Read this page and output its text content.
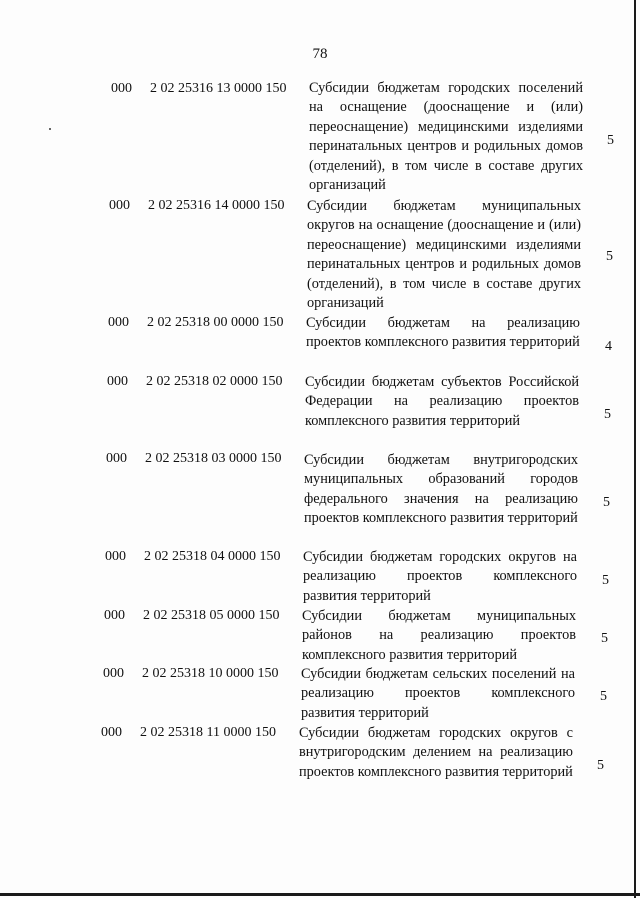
78
000 2 02 25316 13 0000 150 Субсидии бюджетам городских поселений на оснащение (дооснащение и (или) переоснащение) медицинскими изделиями перинатальных центров и родильных домов (отделений), в том числе в составе других организаций
5
000 2 02 25316 14 0000 150 Субсидии бюджетам муниципальных округов на оснащение (дооснащение и (или) переоснащение) медицинскими изделиями перинатальных центров и родильных домов (отделений), в том числе в составе других организаций
5
000 2 02 25318 00 0000 150 Субсидии бюджетам на реализацию проектов комплексного развития территорий 4
000 2 02 25318 02 0000 150 Субсидии бюджетам субъектов Российской Федерации на реализацию проектов комплексного развития территорий	5
000 2 02 25318 03 0000 150 Субсидии бюджетам внутригородских муниципальных образований городов федерального значения на реализацию проектов комплексного развития территорий
5
000 2 02 25318 04 0000 150 Субсидии бюджетам городских округов на реализацию проектов комплексного развития территорий
5
000 2 02 25318 05 0000 150 Субсидии бюджетам муниципальных районов на реализацию проектов комплексного развития территорий
5
000 2 02 25318 10 0000 150 Субсидии бюджетам сельских поселений на реализацию проектов комплексного развития территорий
5
000 2 02 25318 11 0000 150 Субсидии бюджетам городских округов с внутригородским делением на реализацию проектов комплексного развития территорий 5
